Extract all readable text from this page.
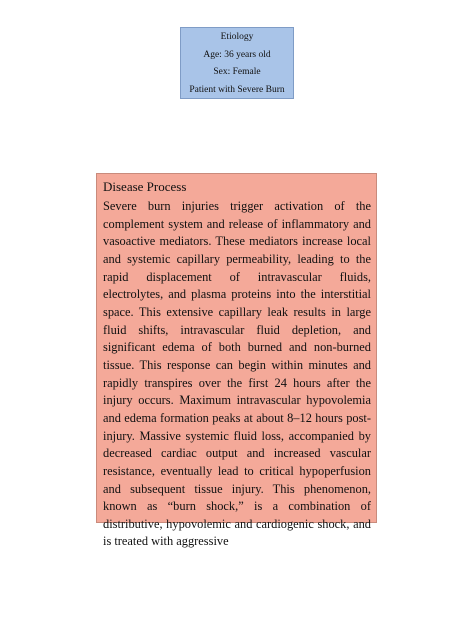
Etiology
Age: 36 years old
Sex: Female
Patient with Severe Burn
Disease Process

Severe burn injuries trigger activation of the complement system and release of inflammatory and vasoactive mediators. These mediators increase local and systemic capillary permeability, leading to the rapid displacement of intravascular fluids, electrolytes, and plasma proteins into the interstitial space. This extensive capillary leak results in large fluid shifts, intravascular fluid depletion, and significant edema of both burned and non-burned tissue. This response can begin within minutes and rapidly transpires over the first 24 hours after the injury occurs. Maximum intravascular hypovolemia and edema formation peaks at about 8–12 hours post-injury. Massive systemic fluid loss, accompanied by decreased cardiac output and increased vascular resistance, eventually lead to critical hypoperfusion and subsequent tissue injury. This phenomenon, known as “burn shock,” is a combination of distributive, hypovolemic and cardiogenic shock, and is treated with aggressive
